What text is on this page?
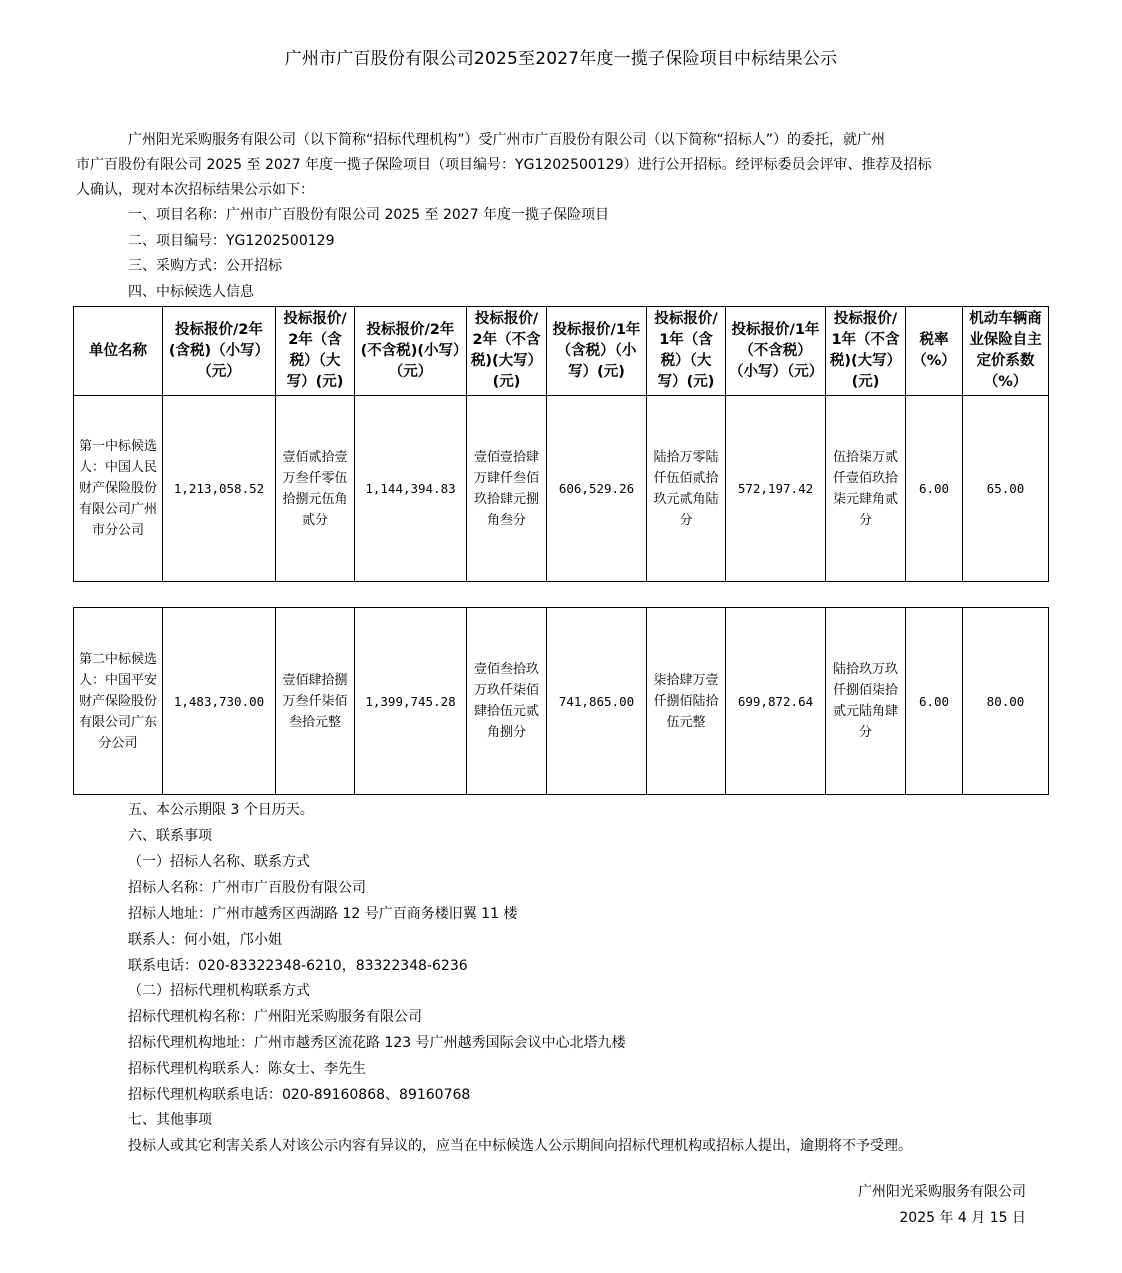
广州市广百股份有限公司2025至2027年度一揽子保险项目中标结果公示
广州阳光采购服务有限公司（以下简称“招标代理机构”）受广州市广百股份有限公司（以下简称“招标人”）的委托，就广州
市广百股份有限公司 2025 至 2027 年度一揽子保险项目（项目编号：YG1202500129）进行公开招标。经评标委员会评审、推荐及招标
人确认，现对本次招标结果公示如下：
一、项目名称：广州市广百股份有限公司 2025 至 2027 年度一揽子保险项目
二、项目编号：YG1202500129
三、采购方式：公开招标
四、中标候选人信息
单位名称	投标报价/2年(含税)（小写）（元）	投标报价/2年（含税）（大写）(元)	投标报价/2年(不含税)(小写）（元）	投标报价/2年（不含税)(大写）(元)	投标报价/1年（含税）（小写）(元)	投标报价/1年（含税）（大写）(元)	投标报价/1年（不含税）（小写）（元）	投标报价/1年（不含税)(大写）(元)	税率（%）	机动车辆商业保险自主定价系数（%）
第一中标候选人：中国人民财产保险股份有限公司广州市分公司	1,213,058.52	壹佰贰拾壹万叁仟零伍拾捌元伍角贰分	1,144,394.83	壹佰壹拾肆万肆仟叁佰玖拾肆元捌角叁分	606,529.26	陆拾万零陆仟伍佰贰拾玖元贰角陆分	572,197.42	伍拾柒万贰仟壹佰玖拾柒元肆角贰分	6.00	65.00
第二中标候选人：中国平安财产保险股份有限公司广东分公司	1,483,730.00	壹佰肆拾捌万叁仟柒佰叁拾元整	1,399,745.28	壹佰叁拾玖万玖仟柒佰肆拾伍元贰角捌分	741,865.00	柒拾肆万壹仟捌佰陆拾伍元整	699,872.64	陆拾玖万玖仟捌佰柒拾贰元陆角肆分	6.00	80.00
五、本公示期限 3 个日历天。
六、联系事项
（一）招标人名称、联系方式
招标人名称：广州市广百股份有限公司
招标人地址：广州市越秀区西湖路 12 号广百商务楼旧翼 11 楼
联系人：何小姐，邝小姐
联系电话：020-83322348-6210，83322348-6236
（二）招标代理机构联系方式
招标代理机构名称：广州阳光采购服务有限公司
招标代理机构地址：广州市越秀区流花路 123 号广州越秀国际会议中心北塔九楼
招标代理机构联系人：陈女士、李先生
招标代理机构联系电话：020-89160868、89160768
七、其他事项
投标人或其它利害关系人对该公示内容有异议的，应当在中标候选人公示期间向招标代理机构或招标人提出，逾期将不予受理。
广州阳光采购服务有限公司
2025 年 4 月 15 日
